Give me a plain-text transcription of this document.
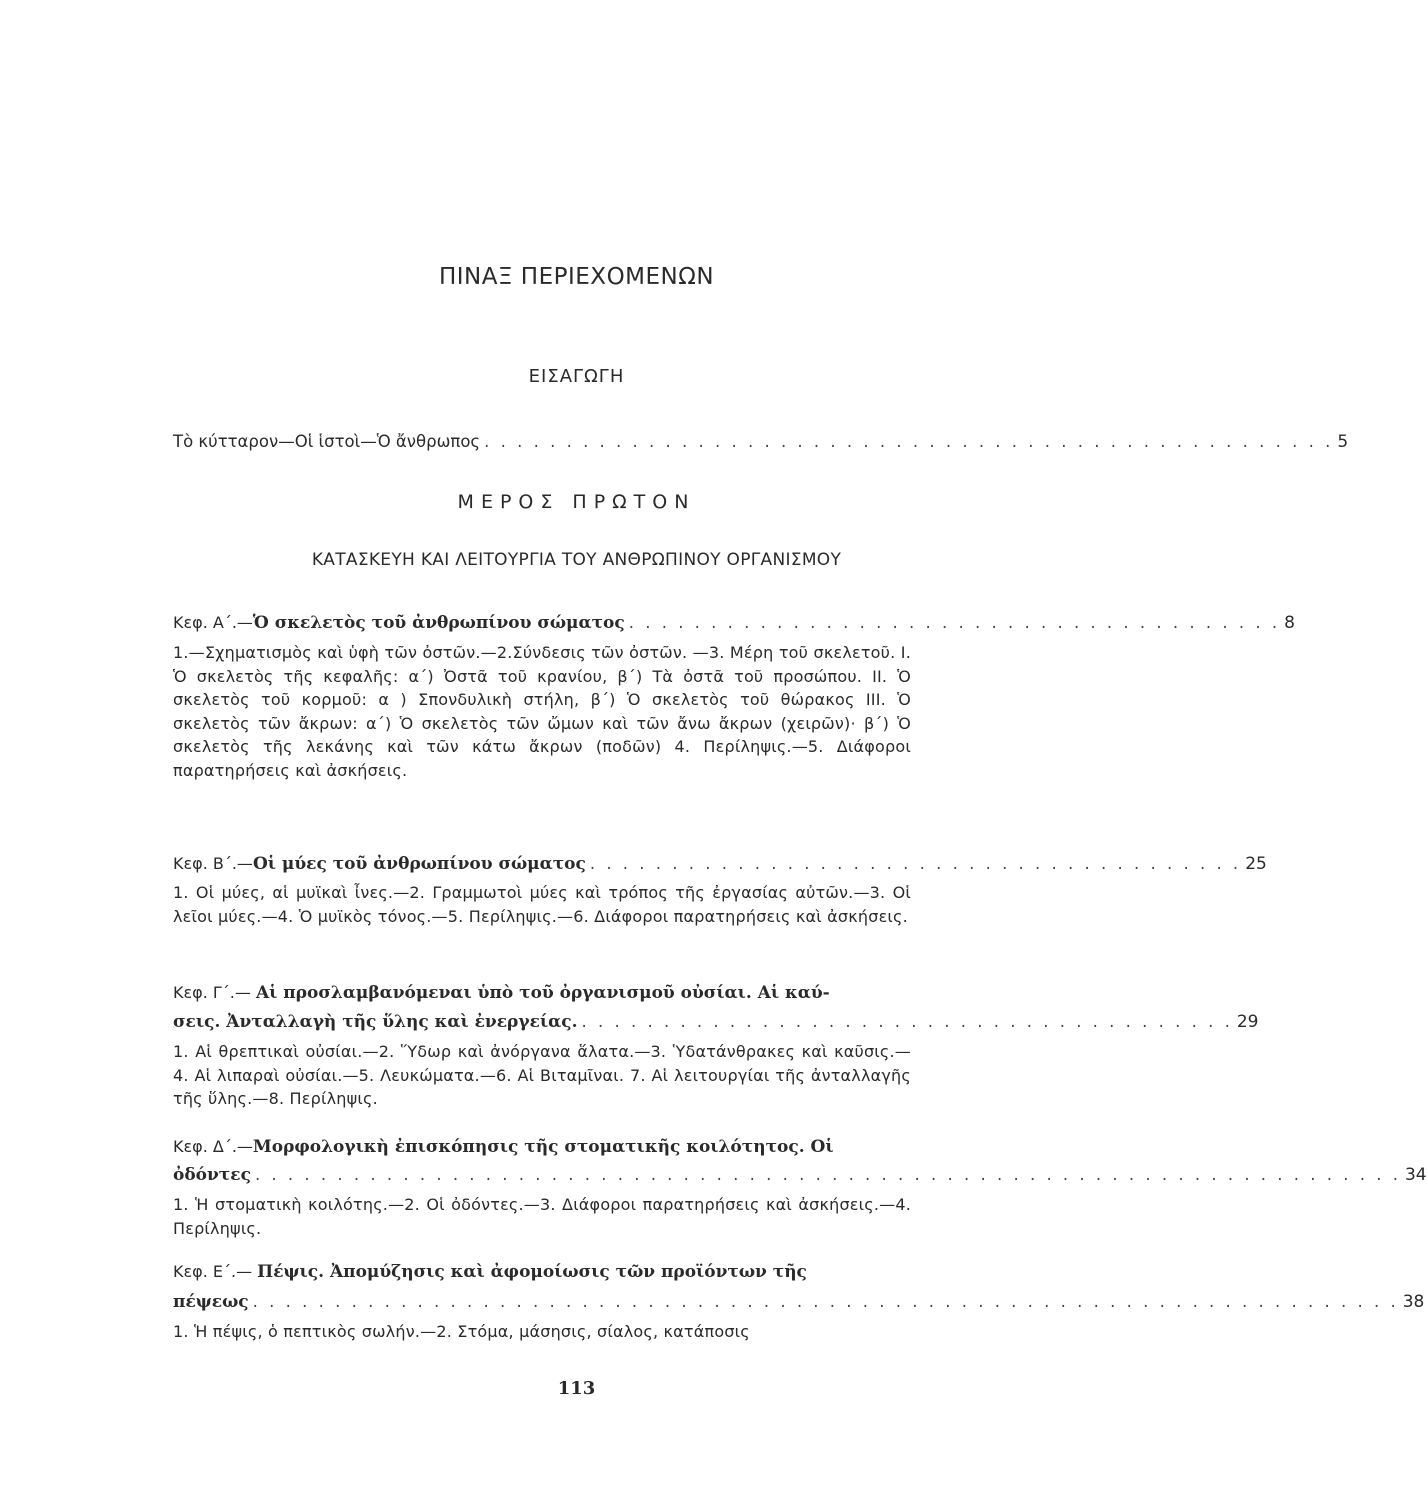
ΠΙΝΑΞ ΠΕΡΙΕΧΟΜΕΝΩΝ
ΕΙΣΑΓΩΓΗ
Τὸ κύτταρον—Οἱ ἱστοὶ—Ὁ ἄνθρωπος . . . . . . . . . . . . . . . . . . . . . . . . . . . . . . . . . . . . . . . . . . . . . . . . . . . . 5
ΜΕΡΟΣ ΠΡΩΤΟΝ
ΚΑΤΑΣΚΕΥΗ ΚΑΙ ΛΕΙΤΟΥΡΓΙΑ ΤΟΥ ΑΝΘΡΩΠΙΝΟΥ ΟΡΓΑΝΙΣΜΟΥ
Κεφ. Α΄.— Ὁ σκελετὸς τοῦ ἀνθρωπίνου σώματος . . . . . . . . . . . . . . . . . . . . . . . . . . . . . . . . . . . . . . . . 8
1.—Σχηματισμὸς καὶ ὑφὴ τῶν ὀστῶν.—2.Σύνδεσις τῶν ὀστῶν. —3. Μέρη τοῦ σκελετοῦ. I. Ὁ σκελετὸς τῆς κεφαλῆς: α΄) Ὀστᾶ τοῦ κρανίου, β΄) Τὰ ὀστᾶ τοῦ προσώπου. II. Ὁ σκελετὸς τοῦ κορμοῦ: α ) Σπονδυλικὴ στήλη, β΄) Ὁ σκελετὸς τοῦ θώρακος III. Ὁ σκελετὸς τῶν ἄκρων: α΄) Ὁ σκελετὸς τῶν ὤμων καὶ τῶν ἄνω ἄκρων (χειρῶν)· β΄) Ὁ σκελετὸς τῆς λεκάνης καὶ τῶν κάτω ἄκρων (ποδῶν) 4. Περίληψις.—5. Διάφοροι παρατηρήσεις καὶ ἀσκήσεις.
Κεφ. Β΄.— Οἱ μύες τοῦ ἀνθρωπίνου σώματος . . . . . . . . . . . . . . . . . . . . . . . . . . . . . . . . . . . . . . . . 25
1. Οἱ μύες, αἱ μυϊκαὶ ἶνες.—2. Γραμμωτοὶ μύες καὶ τρόπος τῆς ἐργασίας αὐτῶν.—3. Οἱ λεῖοι μύες.—4. Ὁ μυϊκὸς τόνος.—5. Περίληψις.—6. Διάφοροι παρατηρήσεις καὶ ἀσκήσεις.
Κεφ. Γ΄.— Αἱ προσλαμβανόμεναι ὑπὸ τοῦ ὀργανισμοῦ οὐσίαι. Αἱ καύ-
σεις. Ἀνταλλαγὴ τῆς ὕλης καὶ ἐνεργείας. . . . . . . . . . . . . . . . . . . . . . . . . . . . . . . . . . . . . . . . . 29
1. Αἱ θρεπτικαὶ οὐσίαι.—2. Ὕδωρ καὶ ἀνόργανα ἅλατα.—3. Ὑδατάνθρακες καὶ καῦσις.—4. Αἱ λιπαραὶ οὐσίαι.—5. Λευκώματα.—6. Αἱ Βιταμῖναι. 7. Αἱ λειτουργίαι τῆς ἀνταλλαγῆς τῆς ὕλης.—8. Περίληψις.
Κεφ. Δ΄.—Μορφολογικὴ ἐπισκόπησις τῆς στοματικῆς κοιλότητος. Οἱ
ὀδόντες . . . . . . . . . . . . . . . . . . . . . . . . . . . . . . . . . . . . . . . . . . . . . . . . . . . . . . . . . . . . . . . . . . . . . . 34
1. Ἡ στοματικὴ κοιλότης.—2. Οἱ ὀδόντες.—3. Διάφοροι παρατηρήσεις καὶ ἀσκήσεις.—4. Περίληψις.
Κεφ. Ε΄.— Πέψις. Ἀπομύζησις καὶ ἀφομοίωσις τῶν προϊόντων τῆς
πέψεως . . . . . . . . . . . . . . . . . . . . . . . . . . . . . . . . . . . . . . . . . . . . . . . . . . . . . . . . . . . . . . . . . . . . . . 38
1. Ἡ πέψις, ὁ πεπτικὸς σωλήν.—2. Στόμα, μάσησις, σίαλος, κατάποσις
113
